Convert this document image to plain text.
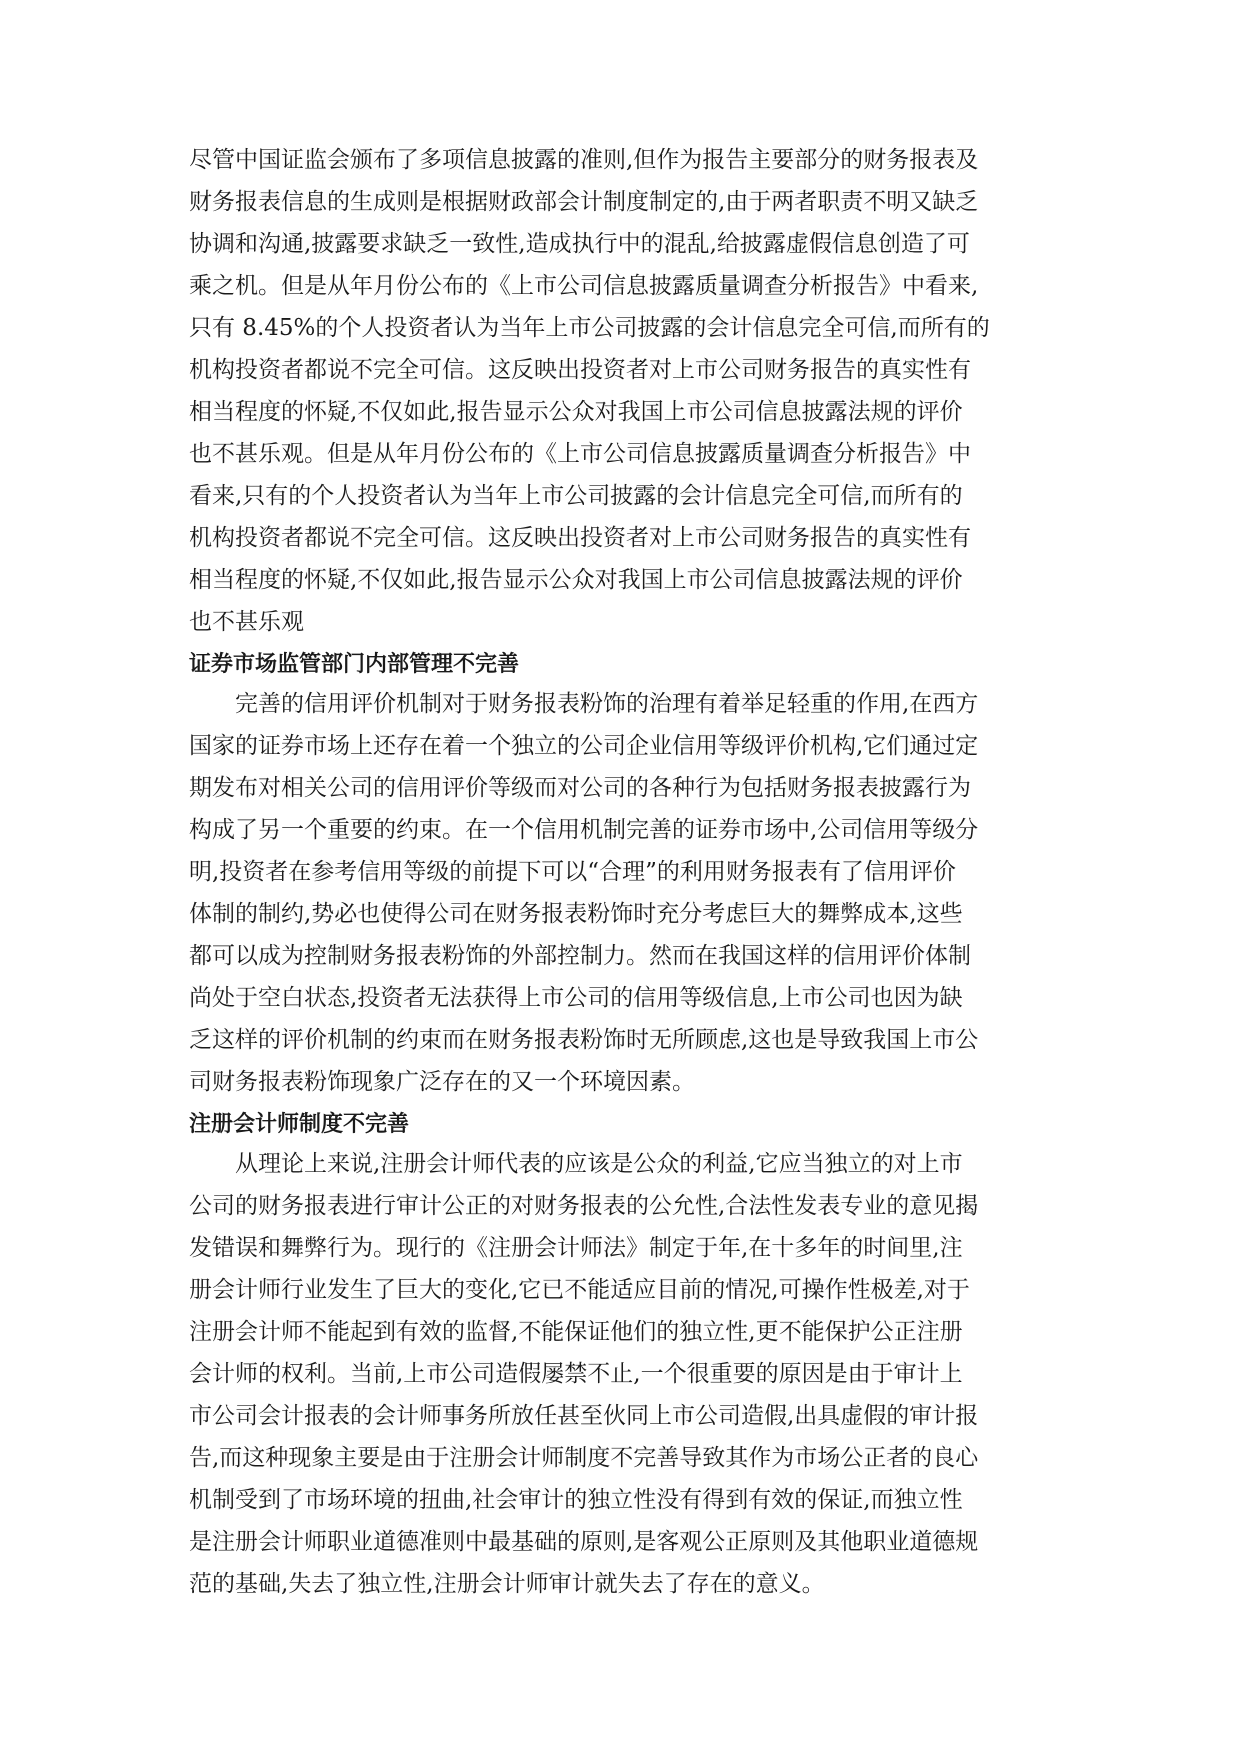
尽管中国证监会颁布了多项信息披露的准则,但作为报告主要部分的财务报表及
财务报表信息的生成则是根据财政部会计制度制定的,由于两者职责不明又缺乏
协调和沟通,披露要求缺乏一致性,造成执行中的混乱,给披露虚假信息创造了可
乘之机。但是从年月份公布的《上市公司信息披露质量调查分析报告》中看来,
只有 8.45%的个人投资者认为当年上市公司披露的会计信息完全可信,而所有的
机构投资者都说不完全可信。这反映出投资者对上市公司财务报告的真实性有
相当程度的怀疑,不仅如此,报告显示公众对我国上市公司信息披露法规的评价
也不甚乐观。但是从年月份公布的《上市公司信息披露质量调查分析报告》中
看来,只有的个人投资者认为当年上市公司披露的会计信息完全可信,而所有的
机构投资者都说不完全可信。这反映出投资者对上市公司财务报告的真实性有
相当程度的怀疑,不仅如此,报告显示公众对我国上市公司信息披露法规的评价
也不甚乐观
证券市场监管部门内部管理不完善
完善的信用评价机制对于财务报表粉饰的治理有着举足轻重的作用,在西方
国家的证券市场上还存在着一个独立的公司企业信用等级评价机构,它们通过定
期发布对相关公司的信用评价等级而对公司的各种行为包括财务报表披露行为
构成了另一个重要的约束。在一个信用机制完善的证券市场中,公司信用等级分
明,投资者在参考信用等级的前提下可以“合理”的利用财务报表有了信用评价
体制的制约,势必也使得公司在财务报表粉饰时充分考虑巨大的舞弊成本,这些
都可以成为控制财务报表粉饰的外部控制力。然而在我国这样的信用评价体制
尚处于空白状态,投资者无法获得上市公司的信用等级信息,上市公司也因为缺
乏这样的评价机制的约束而在财务报表粉饰时无所顾虑,这也是导致我国上市公
司财务报表粉饰现象广泛存在的又一个环境因素。
注册会计师制度不完善
从理论上来说,注册会计师代表的应该是公众的利益,它应当独立的对上市
公司的财务报表进行审计公正的对财务报表的公允性,合法性发表专业的意见揭
发错误和舞弊行为。现行的《注册会计师法》制定于年,在十多年的时间里,注
册会计师行业发生了巨大的变化,它已不能适应目前的情况,可操作性极差,对于
注册会计师不能起到有效的监督,不能保证他们的独立性,更不能保护公正注册
会计师的权利。当前,上市公司造假屡禁不止,一个很重要的原因是由于审计上
市公司会计报表的会计师事务所放任甚至伙同上市公司造假,出具虚假的审计报
告,而这种现象主要是由于注册会计师制度不完善导致其作为市场公正者的良心
机制受到了市场环境的扭曲,社会审计的独立性没有得到有效的保证,而独立性
是注册会计师职业道德准则中最基础的原则,是客观公正原则及其他职业道德规
范的基础,失去了独立性,注册会计师审计就失去了存在的意义。
